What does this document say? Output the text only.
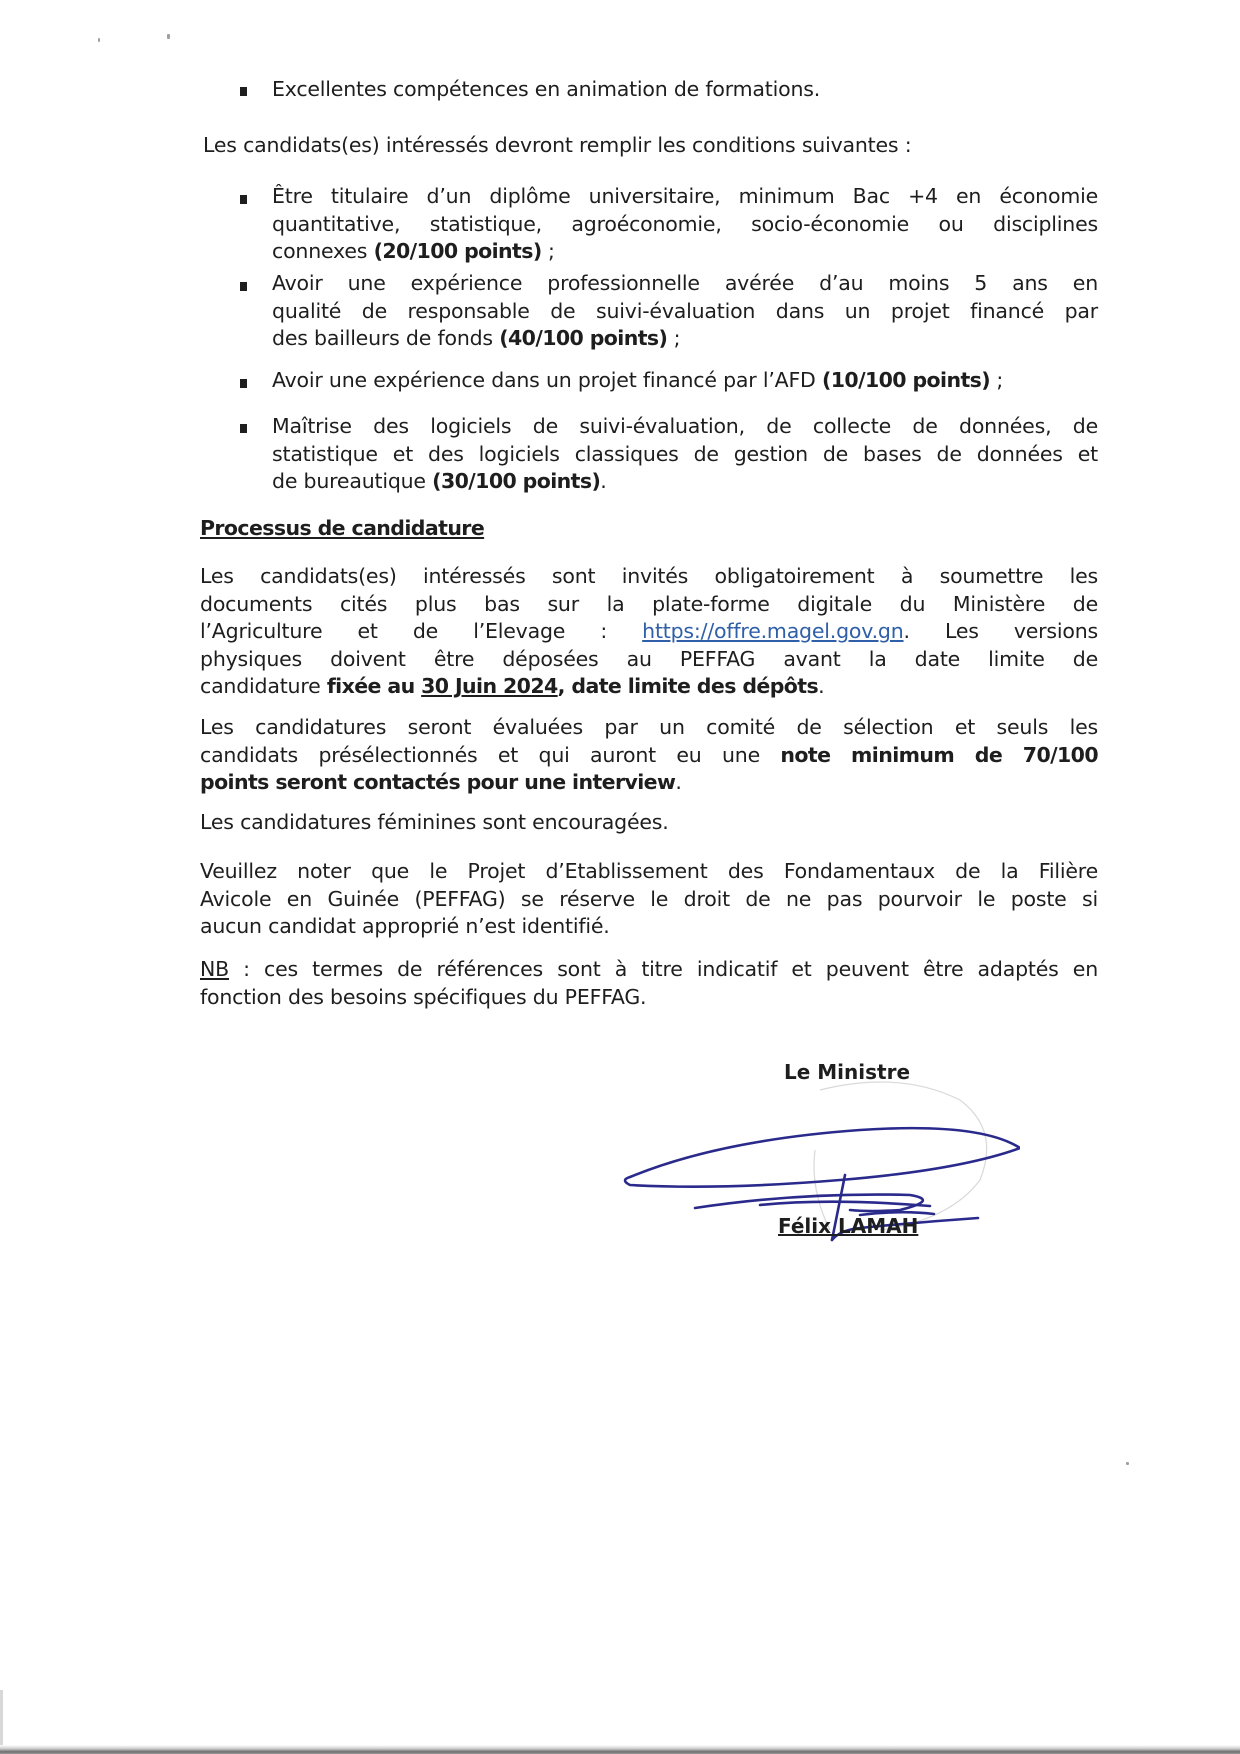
Excellentes compétences en animation de formations.
Les candidats(es) intéressés devront remplir les conditions suivantes :
Être titulaire d’un diplôme universitaire, minimum Bac +4 en économie
quantitative, statistique, agroéconomie, socio-économie ou disciplines
connexes (20/100 points) ;
Avoir une expérience professionnelle avérée d’au moins 5 ans en
qualité de responsable de suivi-évaluation dans un projet financé par
des bailleurs de fonds (40/100 points) ;
Avoir une expérience dans un projet financé par l’AFD (10/100 points) ;
Maîtrise des logiciels de suivi-évaluation, de collecte de données, de
statistique et des logiciels classiques de gestion de bases de données et
de bureautique (30/100 points).
Processus de candidature
Les candidats(es) intéressés sont invités obligatoirement à soumettre les
documents cités plus bas sur la plate-forme digitale du Ministère de
l’Agriculture et de l’Elevage : https://offre.magel.gov.gn. Les versions
physiques doivent être déposées au PEFFAG avant la date limite de
candidature fixée au 30 Juin 2024, date limite des dépôts.
Les candidatures seront évaluées par un comité de sélection et seuls les
candidats présélectionnés et qui auront eu une note minimum de 70/100
points seront contactés pour une interview.
Les candidatures féminines sont encouragées.
Veuillez noter que le Projet d’Etablissement des Fondamentaux de la Filière
Avicole en Guinée (PEFFAG) se réserve le droit de ne pas pourvoir le poste si
aucun candidat approprié n’est identifié.
NB : ces termes de références sont à titre indicatif et peuvent être adaptés en
fonction des besoins spécifiques du PEFFAG.
Le Ministre
Félix LAMAH
